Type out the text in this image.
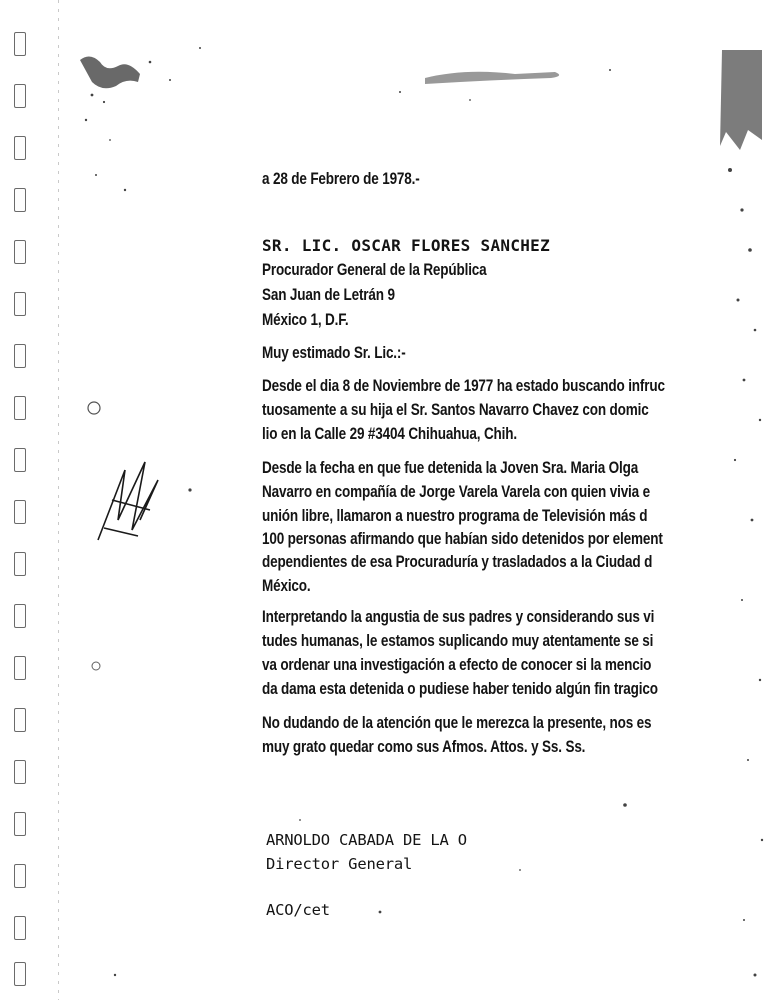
a 28 de Febrero de 1978.-
SR. LIC. OSCAR FLORES SANCHEZ
Procurador General de la República
San Juan de Letrán 9
México 1, D.F.
Muy estimado Sr. Lic.:-
Desde el dia 8 de Noviembre de 1977 ha estado buscando infruc
tuosamente a su hija el Sr. Santos Navarro Chavez con domic
lio en la Calle 29 #3404 Chihuahua, Chih.
Desde la fecha en que fue detenida la Joven Sra. Maria Olga
Navarro en compañía de Jorge Varela Varela con quien vivia e
unión libre, llamaron a nuestro programa de Televisión más d
100 personas afirmando que habían sido detenidos por element
dependientes de esa Procuraduría y trasladados a la Ciudad d
México.
Interpretando la angustia de sus padres y considerando sus vi
tudes humanas, le estamos suplicando muy atentamente se si
va ordenar una investigación a efecto de conocer si la mencio
da dama esta detenida o pudiese haber tenido algún fin tragico
No dudando de la atención que le merezca la presente, nos es
muy grato quedar como sus Afmos. Attos. y Ss. Ss.
ARNOLDO CABADA DE LA O
Director General
ACO/cet
